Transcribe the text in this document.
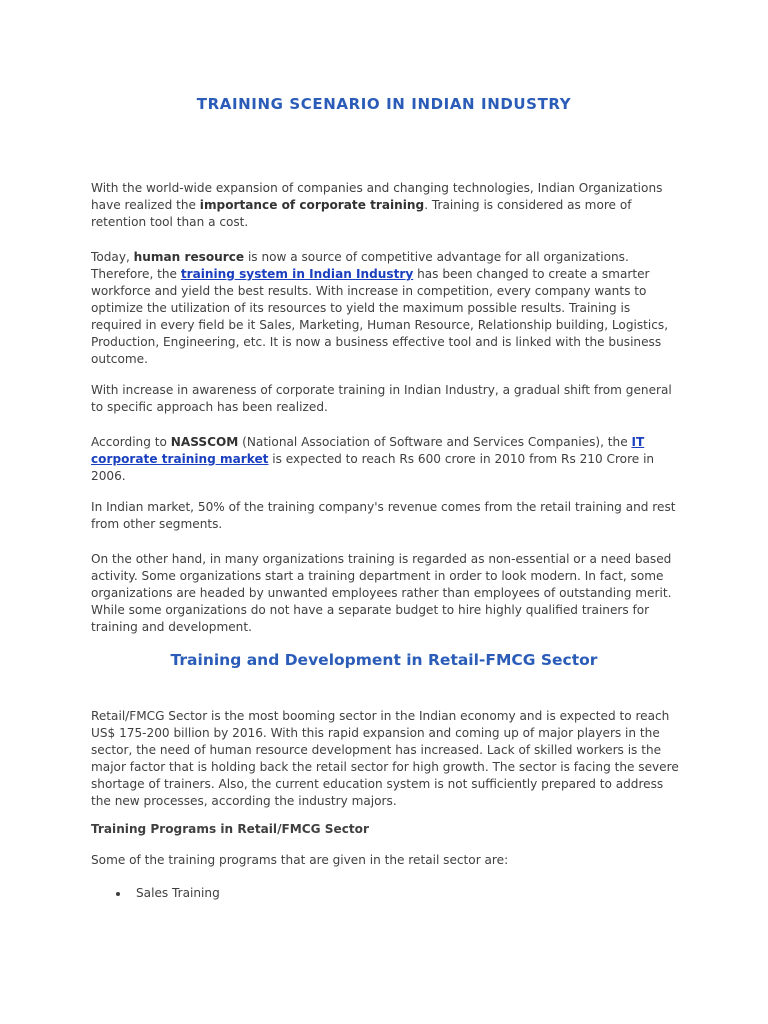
TRAINING SCENARIO IN INDIAN INDUSTRY

With the world-wide expansion of companies and changing technologies, Indian Organizations have realized the importance of corporate training. Training is considered as more of retention tool than a cost.

Today, human resource is now a source of competitive advantage for all organizations. Therefore, the training system in Indian Industry has been changed to create a smarter workforce and yield the best results. With increase in competition, every company wants to optimize the utilization of its resources to yield the maximum possible results. Training is required in every field be it Sales, Marketing, Human Resource, Relationship building, Logistics, Production, Engineering, etc. It is now a business effective tool and is linked with the business outcome.

With increase in awareness of corporate training in Indian Industry, a gradual shift from general to specific approach has been realized.

According to NASSCOM (National Association of Software and Services Companies), the IT corporate training market is expected to reach Rs 600 crore in 2010 from Rs 210 Crore in 2006.

In Indian market, 50% of the training company's revenue comes from the retail training and rest from other segments.

On the other hand, in many organizations training is regarded as non-essential or a need based activity. Some organizations start a training department in order to look modern. In fact, some organizations are headed by unwanted employees rather than employees of outstanding merit. While some organizations do not have a separate budget to hire highly qualified trainers for training and development.

Training and Development in Retail-FMCG Sector

Retail/FMCG Sector is the most booming sector in the Indian economy and is expected to reach US$ 175-200 billion by 2016. With this rapid expansion and coming up of major players in the sector, the need of human resource development has increased. Lack of skilled workers is the major factor that is holding back the retail sector for high growth. The sector is facing the severe shortage of trainers. Also, the current education system is not sufficiently prepared to address the new processes, according the industry majors.

Training Programs in Retail/FMCG Sector

Some of the training programs that are given in the retail sector are:

Sales Training
